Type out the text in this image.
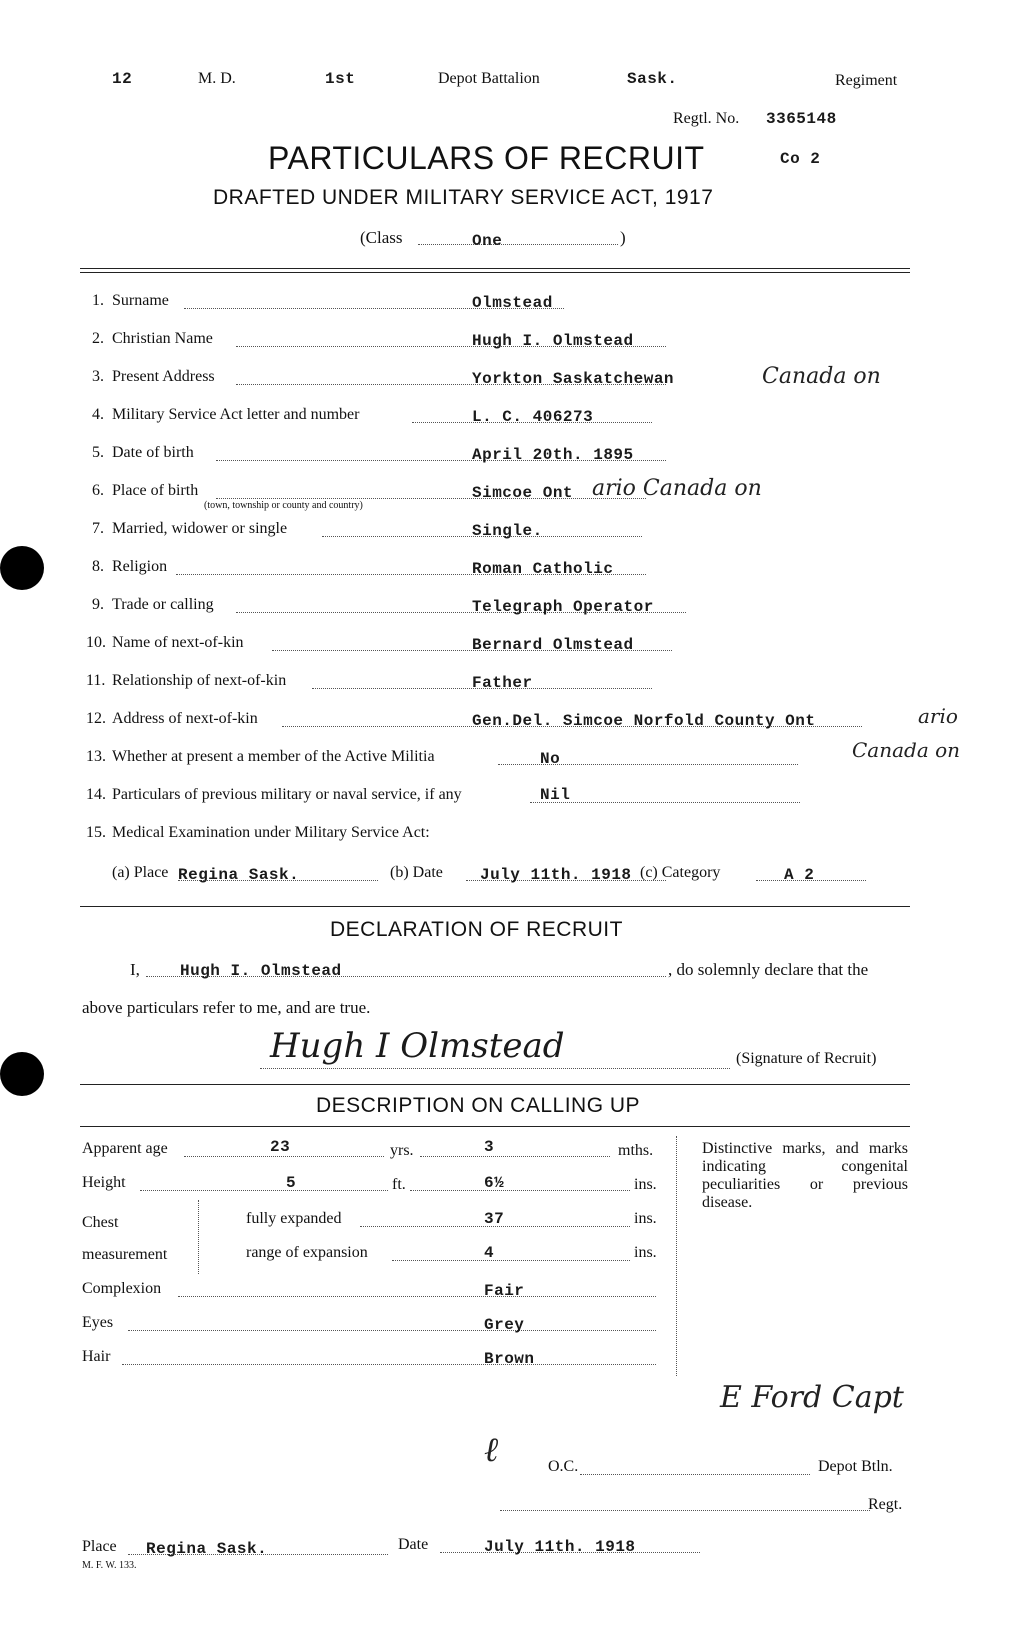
12	M. D.	1st	Depot Battalion	Sask.	Regiment
Regtl. No. 3365148
PARTICULARS OF RECRUIT	Co 2
DRAFTED UNDER MILITARY SERVICE ACT, 1917
(Class	One	)
1. Surname	Olmstead
2. Christian Name	Hugh I. Olmstead
3. Present Address	Yorkton Saskatchewan	Canada on
4. Military Service Act letter and number	L. C. 406273
5. Date of birth	April 20th. 1895
6. Place of birth
(town, township or county and country)
Simcoe Ont ario Canada on
7. Married, widower or single	Single.
8. Religion	Roman Catholic
9. Trade or calling	Telegraph Operator
10. Name of next-of-kin	Bernard Olmstead
11. Relationship of next-of-kin	Father
12. Address of next-of-kin	Gen.Del. Simcoe Norfold County Ont	ario
13. Whether at present a member of the Active Militia	No	Canada on
14. Particulars of previous military or naval service, if any	Nil
15. Medical Examination under Military Service Act:
(a) Place Regina Sask.	(b) Date July 11th. 1918 (c) Category	A 2
DECLARATION OF RECRUIT
I,	Hugh I. Olmstead	, do solemnly declare that the
above particulars refer to me, and are true.
Hugh I Olmstead	(Signature of Recruit)
DESCRIPTION ON CALLING UP
Apparent age	23	yrs.	3	mths.
Height	5	ft.	6½	ins.
Chest
measurement
fully expanded	37	ins.
range of expansion	4	ins.
Complexion	Fair
Eyes	Grey
Hair	Brown
Distinctive marks, and marks indicating congenital peculiarities or previous disease.
E Ford Capt
ℓ	O.C.	Depot Btln.
Regt.
Place Regina Sask.	Date	July 11th. 1918
M. F. W. 133.
